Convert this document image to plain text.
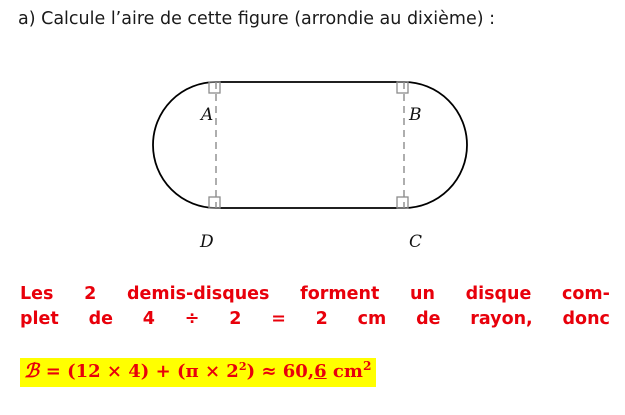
a) Calcule l’aire de cette figure (arrondie au dixième) :
A	B
D	C
Les 2 demis-disques forment un disque com-
plet de 4 ÷ 2 = 2 cm de rayon, donc
ℬ = $(12 \times 4) + (\pi \times 2^2) \approx 60,6$ $cm^2$
